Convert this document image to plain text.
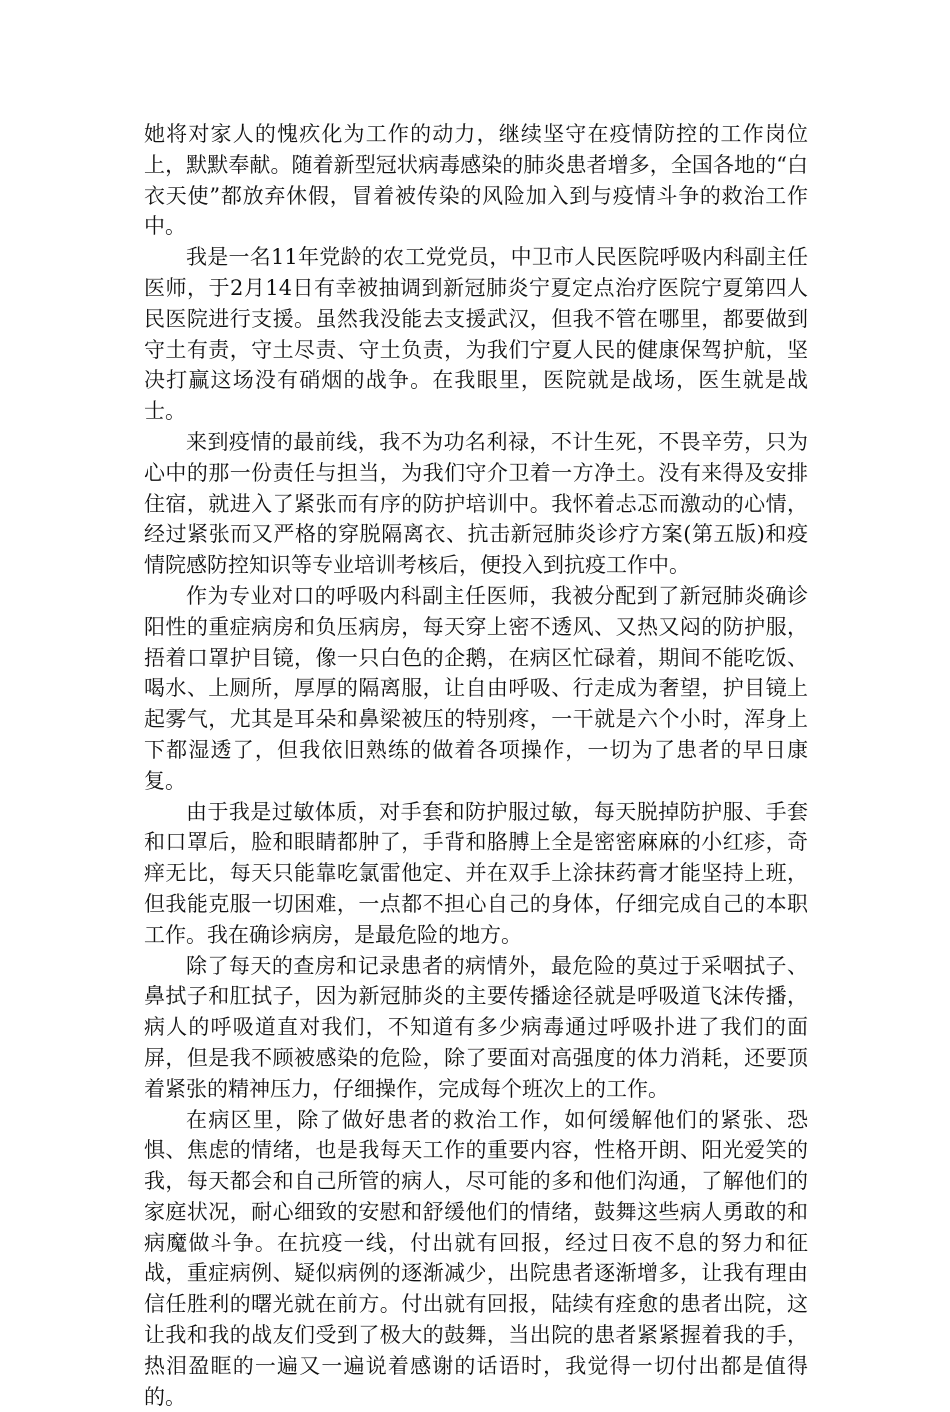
她将对家人的愧疚化为工作的动力，继续坚守在疫情防控的工作岗位上，默默奉献。随着新型冠状病毒感染的肺炎患者增多，全国各地的“白衣天使”都放弃休假，冒着被传染的风险加入到与疫情斗争的救治工作中。

我是一名11年党龄的农工党党员，中卫市人民医院呼吸内科副主任医师，于2月14日有幸被抽调到新冠肺炎宁夏定点治疗医院宁夏第四人民医院进行支援。虽然我没能去支援武汉，但我不管在哪里，都要做到守土有责，守土尽责、守土负责，为我们宁夏人民的健康保驾护航，坚决打赢这场没有硝烟的战争。在我眼里，医院就是战场，医生就是战士。

来到疫情的最前线，我不为功名利禄，不计生死，不畏辛劳，只为心中的那一份责任与担当，为我们守介卫着一方净土。没有来得及安排住宿，就进入了紧张而有序的防护培训中。我怀着忐忑而激动的心情，经过紧张而又严格的穿脱隔离衣、抗击新冠肺炎诊疗方案(第五版)和疫情院感防控知识等专业培训考核后，便投入到抗疫工作中。

作为专业对口的呼吸内科副主任医师，我被分配到了新冠肺炎确诊阳性的重症病房和负压病房，每天穿上密不透风、又热又闷的防护服，捂着口罩护目镜，像一只白色的企鹅，在病区忙碌着，期间不能吃饭、喝水、上厕所，厚厚的隔离服，让自由呼吸、行走成为奢望，护目镜上起雾气，尤其是耳朵和鼻梁被压的特别疼，一干就是六个小时，浑身上下都湿透了，但我依旧熟练的做着各项操作，一切为了患者的早日康复。

由于我是过敏体质，对手套和防护服过敏，每天脱掉防护服、手套和口罩后，脸和眼睛都肿了，手背和胳膊上全是密密麻麻的小红疹，奇痒无比，每天只能靠吃氯雷他定、并在双手上涂抹药膏才能坚持上班，但我能克服一切困难，一点都不担心自己的身体，仔细完成自己的本职工作。我在确诊病房，是最危险的地方。

除了每天的查房和记录患者的病情外，最危险的莫过于采咽拭子、鼻拭子和肛拭子，因为新冠肺炎的主要传播途径就是呼吸道飞沫传播，病人的呼吸道直对我们，不知道有多少病毒通过呼吸扑进了我们的面屏，但是我不顾被感染的危险，除了要面对高强度的体力消耗，还要顶着紧张的精神压力，仔细操作，完成每个班次上的工作。

在病区里，除了做好患者的救治工作，如何缓解他们的紧张、恐惧、焦虑的情绪，也是我每天工作的重要内容，性格开朗、阳光爱笑的我，每天都会和自己所管的病人，尽可能的多和他们沟通，了解他们的家庭状况，耐心细致的安慰和舒缓他们的情绪，鼓舞这些病人勇敢的和病魔做斗争。在抗疫一线，付出就有回报，经过日夜不息的努力和征战，重症病例、疑似病例的逐渐减少，出院患者逐渐增多，让我有理由信任胜利的曙光就在前方。付出就有回报，陆续有痊愈的患者出院，这让我和我的战友们受到了极大的鼓舞，当出院的患者紧紧握着我的手，热泪盈眶的一遍又一遍说着感谢的话语时，我觉得一切付出都是值得的。
